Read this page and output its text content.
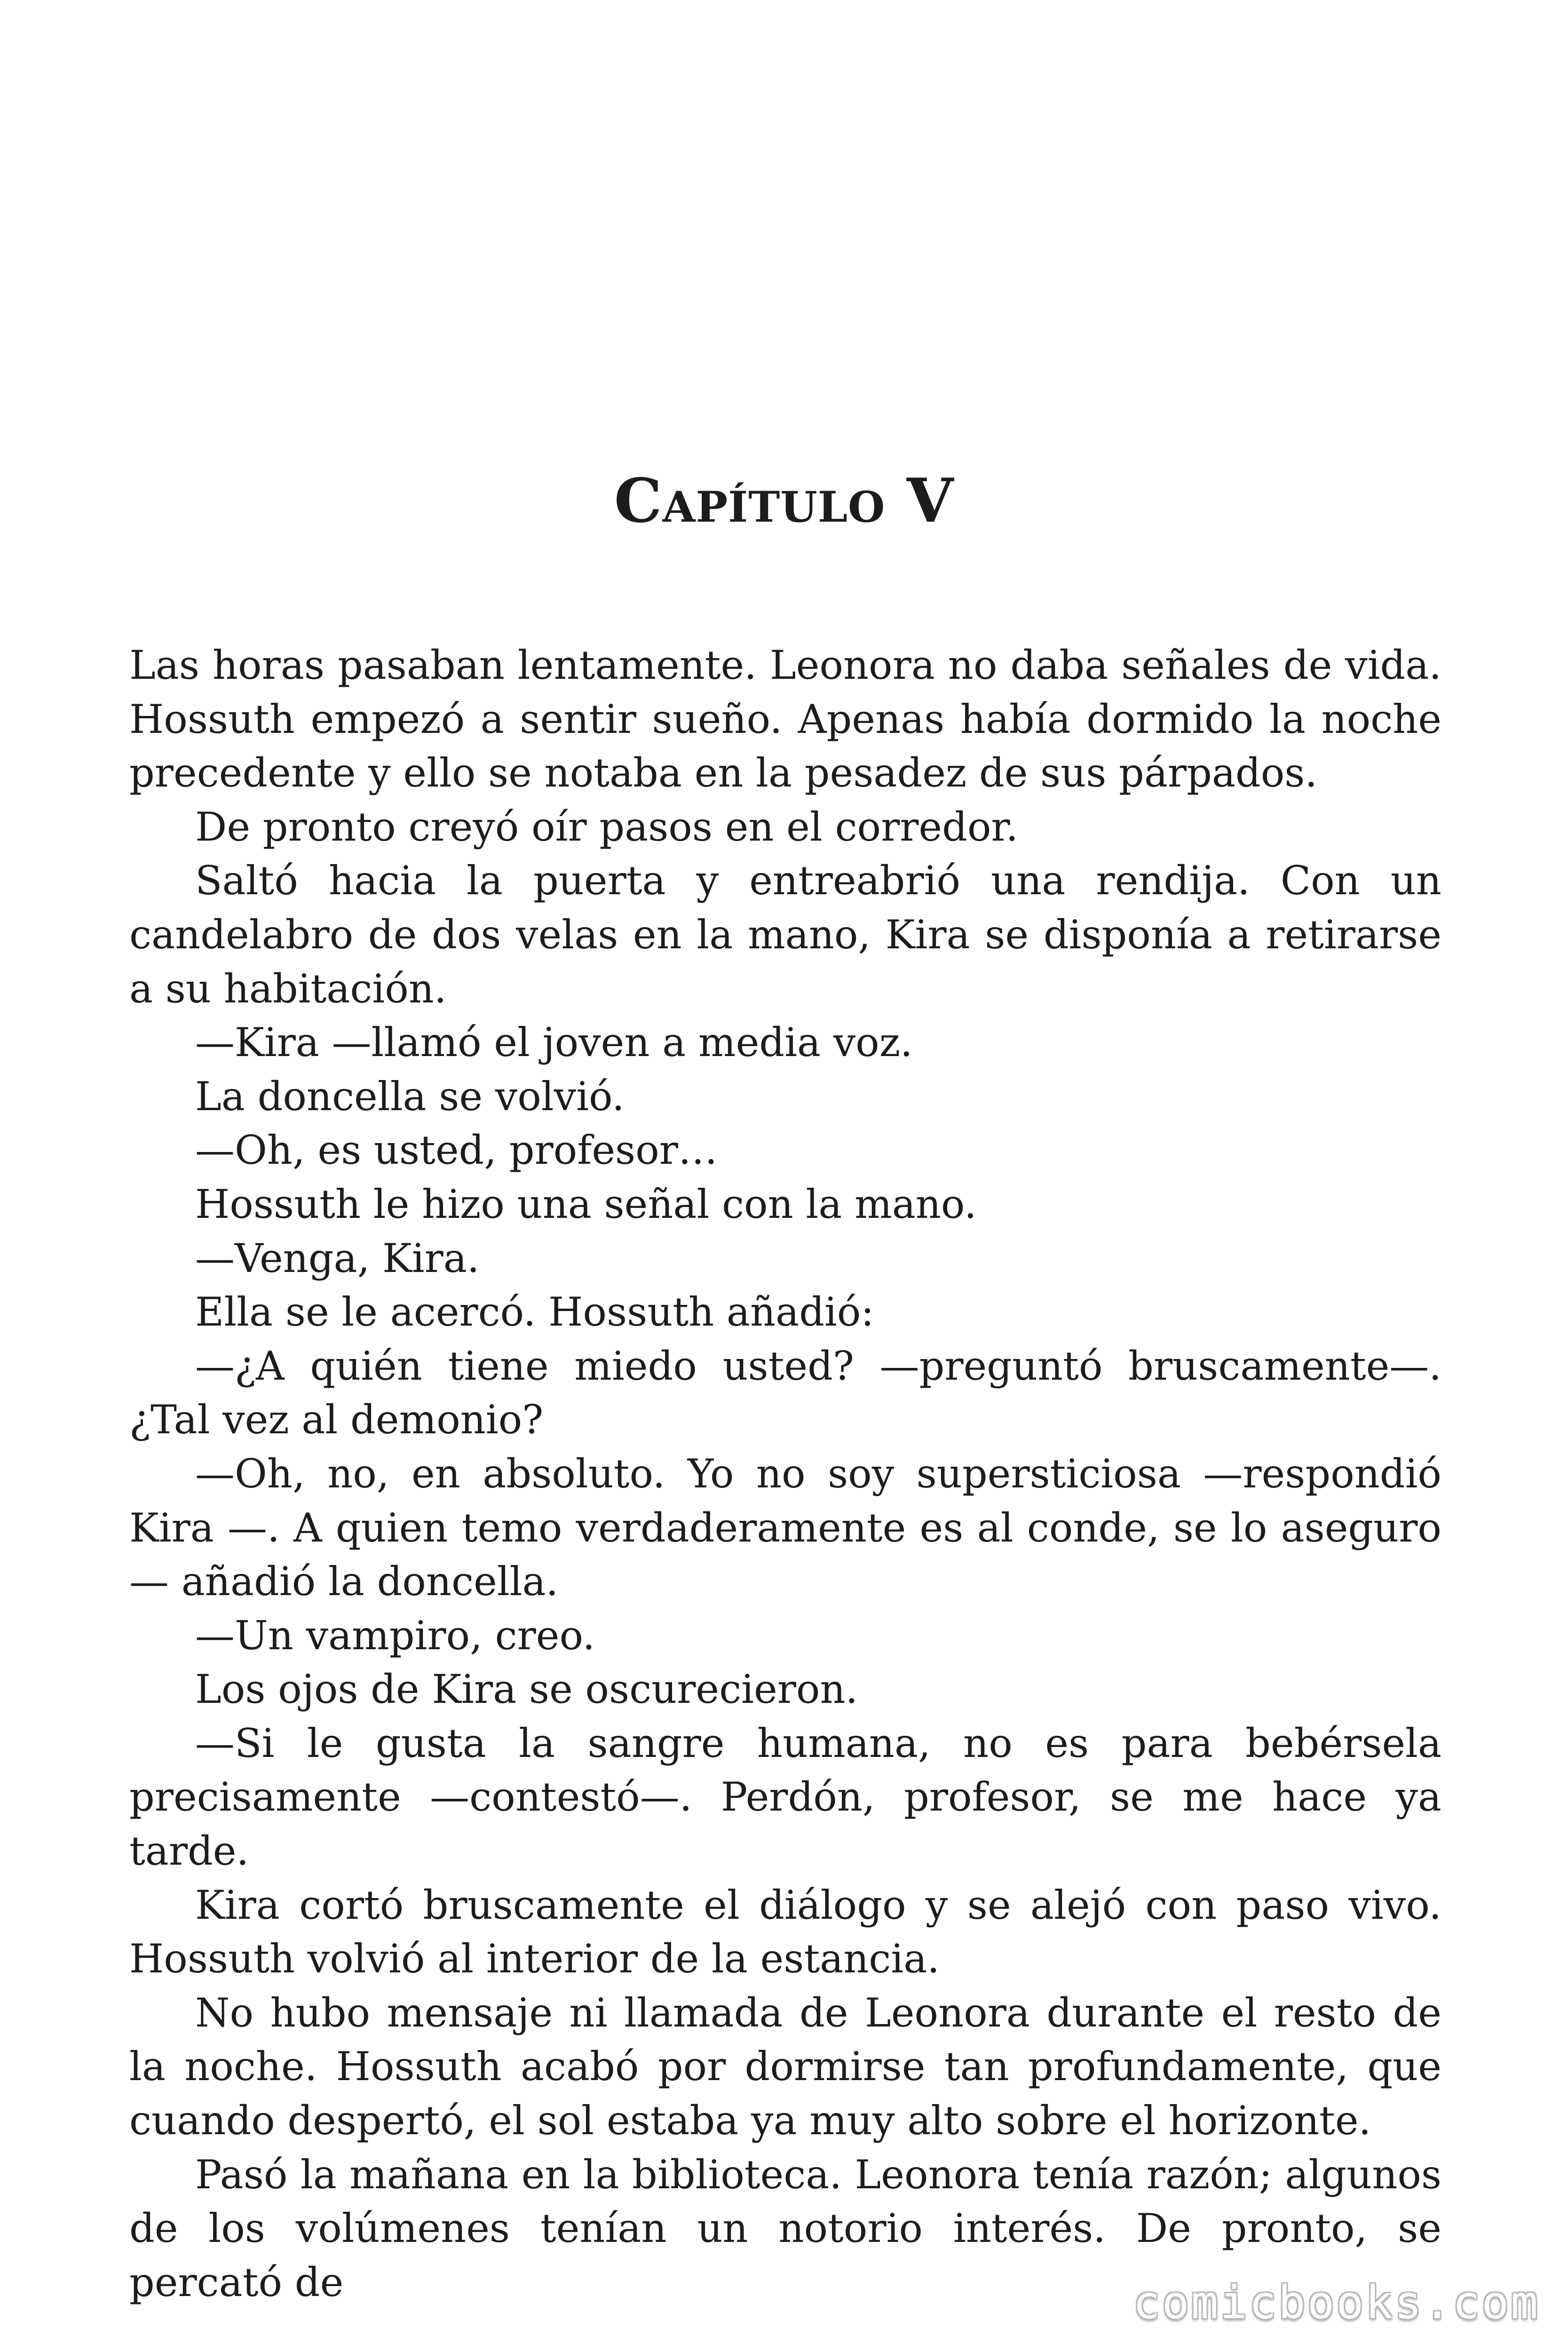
Capítulo V

Las horas pasaban lentamente. Leonora no daba señales de vida. Hossuth empezó a sentir sueño. Apenas había dormido la noche precedente y ello se notaba en la pesadez de sus párpados.

De pronto creyó oír pasos en el corredor.

Saltó hacia la puerta y entreabrió una rendija. Con un candelabro de dos velas en la mano, Kira se disponía a retirarse a su habitación.

—Kira —llamó el joven a media voz.

La doncella se volvió.

—Oh, es usted, profesor…

Hossuth le hizo una señal con la mano.

—Venga, Kira.

Ella se le acercó. Hossuth añadió:

—¿A quién tiene miedo usted? —preguntó bruscamente—. ¿Tal vez al demonio?

—Oh, no, en absoluto. Yo no soy supersticiosa —respondió Kira —. A quien temo verdaderamente es al conde, se lo aseguro — añadió la doncella.

—Un vampiro, creo.

Los ojos de Kira se oscurecieron.

—Si le gusta la sangre humana, no es para bebérsela precisamente —contestó—. Perdón, profesor, se me hace ya tarde.

Kira cortó bruscamente el diálogo y se alejó con paso vivo. Hossuth volvió al interior de la estancia.

No hubo mensaje ni llamada de Leonora durante el resto de la noche. Hossuth acabó por dormirse tan profundamente, que cuando despertó, el sol estaba ya muy alto sobre el horizonte.

Pasó la mañana en la biblioteca. Leonora tenía razón; algunos de los volúmenes tenían un notorio interés. De pronto, se percató de	comicbooks.com
